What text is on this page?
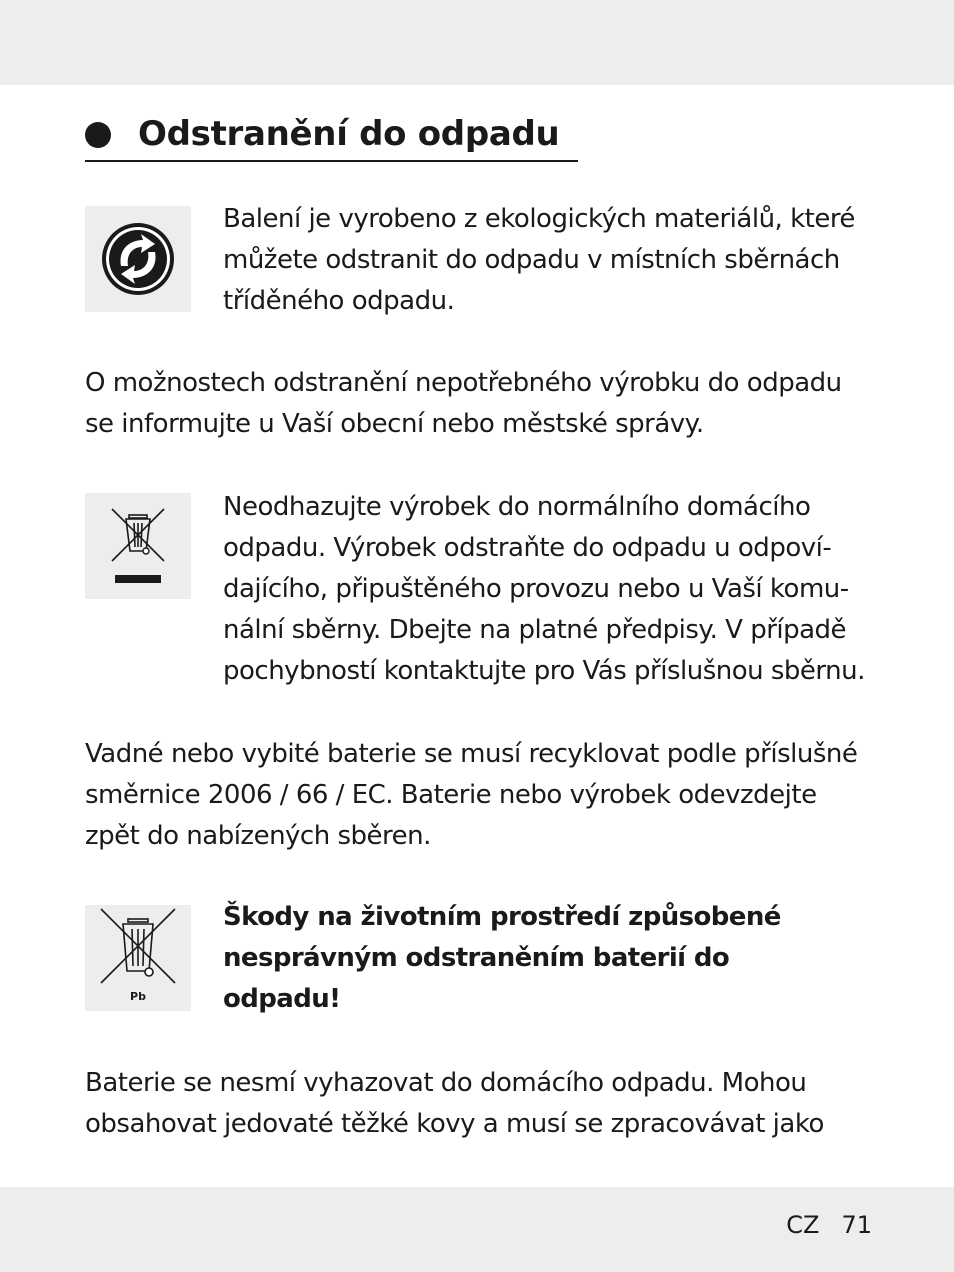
Odstranění do odpadu
Balení je vyrobeno z ekologických materiálů, které
můžete odstranit do odpadu v místních sběrnách
tříděného odpadu.
O možnostech odstranění nepotřebného výrobku do odpadu
se informujte u Vaší obecní nebo městské správy.
Neodhazujte výrobek do normálního domácího
odpadu. Výrobek odstraňte do odpadu u odpoví-
dajícího, připuštěného provozu nebo u Vaší komu-
nální sběrny. Dbejte na platné předpisy. V případě
pochybností kontaktujte pro Vás příslušnou sběrnu.
Vadné nebo vybité baterie se musí recyklovat podle příslušné
směrnice 2006 / 66 / EC. Baterie nebo výrobek odevzdejte
zpět do nabízených sběren.
Pb
Škody na životním prostředí způsobené
nesprávným odstraněním baterií do
odpadu!
Baterie se nesmí vyhazovat do domácího odpadu. Mohou
obsahovat jedovaté těžké kovy a musí se zpracovávat jako
CZ 71
